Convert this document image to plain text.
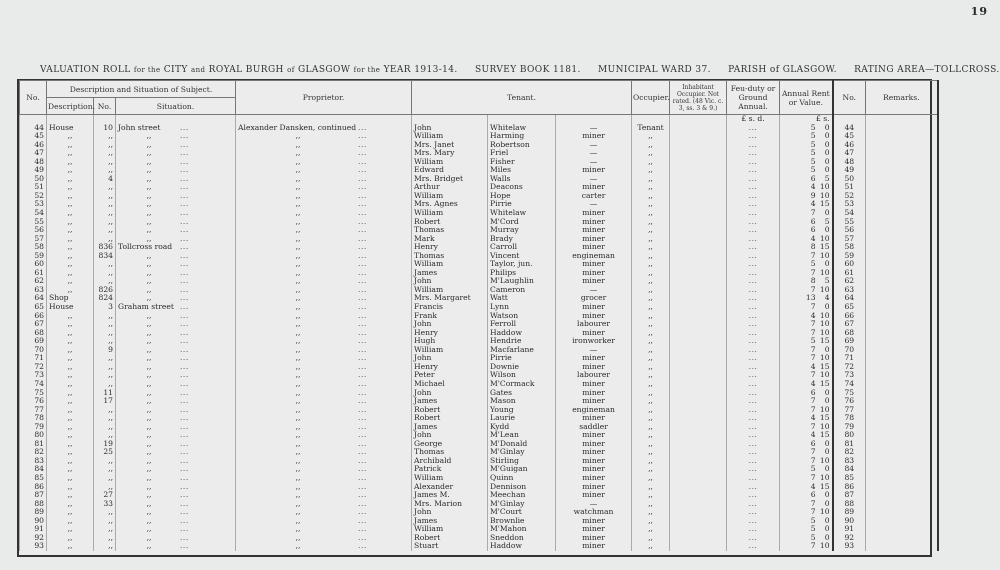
19
VALUATION ROLL for the CITY and ROYAL BURGH of GLASGOW for the YEAR 1913-14. SURVEY BOOK 1181. MUNICIPAL WARD 37. PARISH of GLASGOW. RATING AREA—TOLLCROSS.
No.	Description and Situation of Subject.			Proprietor.	Tenant.			Occupier.	Inhabitant Occupier. Not rated. (48 Vic. c. 3, ss. 3 & 9.)	Feu-duty or Ground Annual.	Annual Rent or Value.	No.	Remarks.
	Description.	No.	Situation.										
										£ s. d.	£ s.		
44	House	10	John street ...	Alexander Dansken, continued ...	John	Whitelaw	—	Tenant		...	5 0	44	
45	,,	,,	,, ...	,, ...	William	Harming	miner	,,		...	5 0	45	
46	,,	,,	,, ...	,, ...	Mrs. Janet	Robertson	—	,,		...	5 0	46	
47	,,	,,	,, ...	,, ...	Mrs. Mary	Friel	—	,,		...	5 0	47	
48	,,	,,	,, ...	,, ...	William	Fisher	—	,,		...	5 0	48	
49	,,	,,	,, ...	,, ...	Edward	Miles	miner	,,		...	5 0	49	
50	,,	4	,, ...	,, ...	Mrs. Bridget	Walls	—	,,		...	6 5	50	
51	,,	,,	,, ...	,, ...	Arthur	Deacons	miner	,,		...	4 10	51	
52	,,	,,	,, ...	,, ...	William	Hope	carter	,,		...	9 10	52	
53	,,	,,	,, ...	,, ...	Mrs. Agnes	Pirrie	—	,,		...	4 15	53	
54	,,	,,	,, ...	,, ...	William	Whitelaw	miner	,,		...	7 0	54	
55	,,	,,	,, ...	,, ...	Robert	M'Cord	miner	,,		...	6 5	55	
56	,,	,,	,, ...	,, ...	Thomas	Murray	miner	,,		...	6 0	56	
57	,,	,,	,, ...	,, ...	Mark	Brady	miner	,,		...	4 10	57	
58	,,	836	Tollcross road ...	,, ...	Henry	Carroll	miner	,,		...	8 15	58	
59	,,	834	,, ...	,, ...	Thomas	Vincent	engineman	,,		...	7 10	59	
60	,,	,,	,, ...	,, ...	William	Taylor, jun.	miner	,,		...	5 0	60	
61	,,	,,	,, ...	,, ...	James	Philips	miner	,,		...	7 10	61	
62	,,	,,	,, ...	,, ...	John	M'Laughlin	miner	,,		...	8 5	62	
63	,,	826	,, ...	,, ...	William	Cameron	—	,,		...	7 10	63	
64	Shop	824	,, ...	,, ...	Mrs. Margaret	Watt	grocer	,,		...	13 4	64	
65	House	3	Graham street ...	,, ...	Francis	Lynn	miner	,,		...	7 0	65	
66	,,	,,	,, ...	,, ...	Frank	Watson	miner	,,		...	4 10	66	
67	,,	,,	,, ...	,, ...	John	Ferroll	labourer	,,		...	7 10	67	
68	,,	,,	,, ...	,, ...	Henry	Haddow	miner	,,		...	7 10	68	
69	,,	,,	,, ...	,, ...	Hugh	Hendrie	ironworker	,,		...	5 15	69	
70	,,	9	,, ...	,, ...	William	Macfarlane	—	,,		...	7 0	70	
71	,,	,,	,, ...	,, ...	John	Pirrie	miner	,,		...	7 10	71	
72	,,	,,	,, ...	,, ...	Henry	Downie	miner	,,		...	4 15	72	
73	,,	,,	,, ...	,, ...	Peter	Wilson	labourer	,,		...	7 10	73	
74	,,	,,	,, ...	,, ...	Michael	M'Cormack	miner	,,		...	4 15	74	
75	,,	11	,, ...	,, ...	John	Gates	miner	,,		...	6 0	75	
76	,,	17	,, ...	,, ...	James	Mason	miner	,,		...	7 0	76	
77	,,	,,	,, ...	,, ...	Robert	Young	engineman	,,		...	7 10	77	
78	,,	,,	,, ...	,, ...	Robert	Laurie	miner	,,		...	4 15	78	
79	,,	,,	,, ...	,, ...	James	Kydd	saddler	,,		...	7 10	79	
80	,,	,,	,, ...	,, ...	John	M'Lean	miner	,,		...	4 15	80	
81	,,	19	,, ...	,, ...	George	M'Donald	miner	,,		...	6 0	81	
82	,,	25	,, ...	,, ...	Thomas	M'Ginlay	miner	,,		...	7 0	82	
83	,,	,,	,, ...	,, ...	Archibald	Stirling	miner	,,		...	7 10	83	
84	,,	,,	,, ...	,, ...	Patrick	M'Guigan	miner	,,		...	5 0	84	
85	,,	,,	,, ...	,, ...	William	Quinn	miner	,,		...	7 10	85	
86	,,	,,	,, ...	,, ...	Alexander	Dennison	miner	,,		...	4 15	86	
87	,,	27	,, ...	,, ...	James M.	Meechan	miner	,,		...	6 0	87	
88	,,	33	,, ...	,, ...	Mrs. Marion	M'Ginlay	—	,,		...	7 0	88	
89	,,	,,	,, ...	,, ...	John	M'Court	watchman	,,		...	7 10	89	
90	,,	,,	,, ...	,, ...	James	Brownlie	miner	,,		...	5 0	90	
91	,,	,,	,, ...	,, ...	William	M'Mahon	miner	,,		...	5 0	91	
92	,,	,,	,, ...	,, ...	Robert	Sneddon	miner	,,		...	5 0	92	
93	,,	,,	,, ...	,, ...	Stuart	Haddow	miner	,,		...	7 10	93	
